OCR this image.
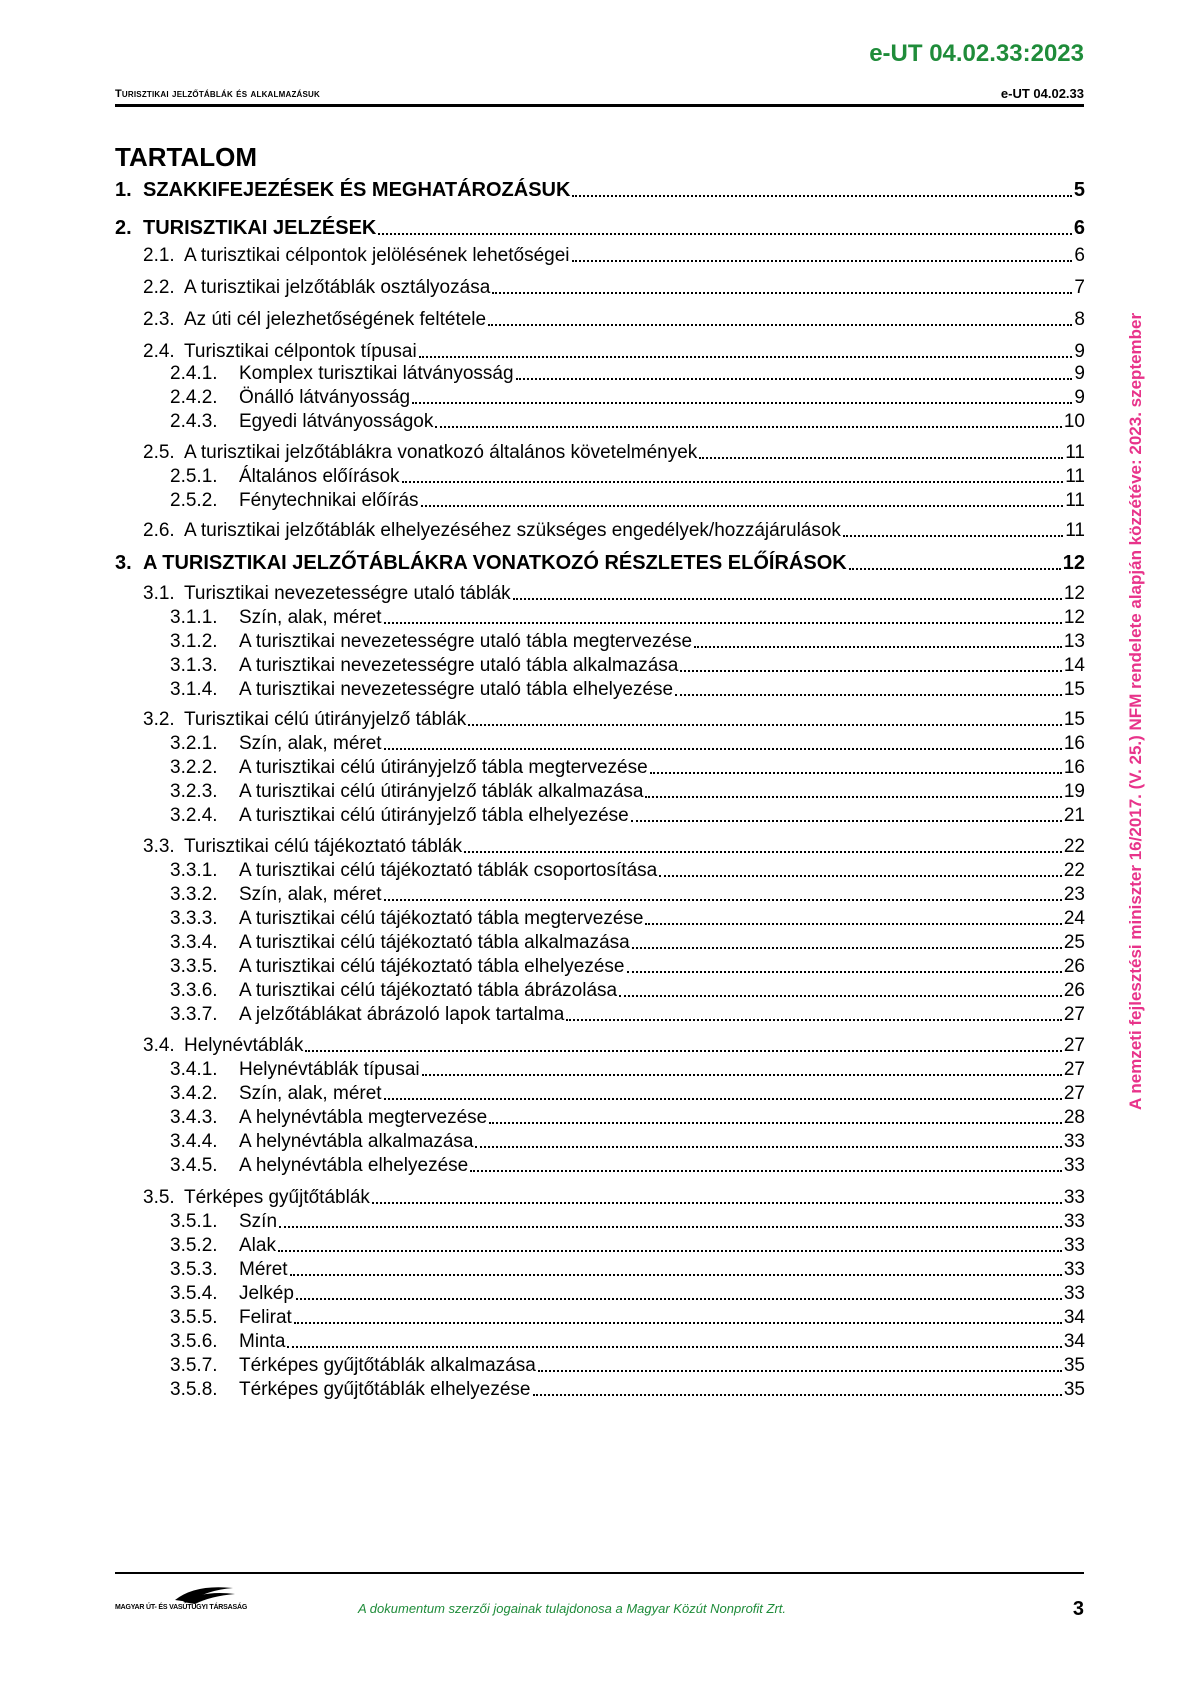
e-UT 04.02.33:2023
Turisztikai jelzőtáblák és alkalmazásuk	e-UT 04.02.33
TARTALOM
1. SZAKKIFEJEZÉSEK ÉS MEGHATÁROZÁSUK	5
2. TURISZTIKAI JELZÉSEK	6
2.1. A turisztikai célpontok jelölésének lehetőségei	6
2.2. A turisztikai jelzőtáblák osztályozása	7
2.3. Az úti cél jelezhetőségének feltétele	8
2.4. Turisztikai célpontok típusai	9
2.4.1. Komplex turisztikai látványosság	9
2.4.2. Önálló látványosság	9
2.4.3. Egyedi látványosságok	10
2.5. A turisztikai jelzőtáblákra vonatkozó általános követelmények	11
2.5.1. Általános előírások	11
2.5.2. Fénytechnikai előírás	11
2.6. A turisztikai jelzőtáblák elhelyezéséhez szükséges engedélyek/hozzájárulások	11
3. A TURISZTIKAI JELZŐTÁBLÁKRA VONATKOZÓ RÉSZLETES ELŐÍRÁSOK	12
3.1. Turisztikai nevezetességre utaló táblák	12
3.1.1. Szín, alak, méret	12
3.1.2. A turisztikai nevezetességre utaló tábla megtervezése	13
3.1.3. A turisztikai nevezetességre utaló tábla alkalmazása	14
3.1.4. A turisztikai nevezetességre utaló tábla elhelyezése	15
3.2. Turisztikai célú útirányjelző táblák	15
3.2.1. Szín, alak, méret	16
3.2.2. A turisztikai célú útirányjelző tábla megtervezése	16
3.2.3. A turisztikai célú útirányjelző táblák alkalmazása	19
3.2.4. A turisztikai célú útirányjelző tábla elhelyezése	21
3.3. Turisztikai célú tájékoztató táblák	22
3.3.1. A turisztikai célú tájékoztató táblák csoportosítása	22
3.3.2. Szín, alak, méret	23
3.3.3. A turisztikai célú tájékoztató tábla megtervezése	24
3.3.4. A turisztikai célú tájékoztató tábla alkalmazása	25
3.3.5. A turisztikai célú tájékoztató tábla elhelyezése	26
3.3.6. A turisztikai célú tájékoztató tábla ábrázolása	26
3.3.7. A jelzőtáblákat ábrázoló lapok tartalma	27
3.4. Helynévtáblák	27
3.4.1. Helynévtáblák típusai	27
3.4.2. Szín, alak, méret	27
3.4.3. A helynévtábla megtervezése	28
3.4.4. A helynévtábla alkalmazása	33
3.4.5. A helynévtábla elhelyezése	33
3.5. Térképes gyűjtőtáblák	33
3.5.1. Szín	33
3.5.2. Alak	33
3.5.3. Méret	33
3.5.4. Jelkép	33
3.5.5. Felirat	34
3.5.6. Minta	34
3.5.7. Térképes gyűjtőtáblák alkalmazása	35
3.5.8. Térképes gyűjtőtáblák elhelyezése	35
A nemzeti fejlesztési miniszter 16/2017. (V. 25.) NFM rendelete alapján közzétéve: 2023. szeptember
MAGYAR ÚT- ÉS VASÚTÜGYI TÁRSASÁG	A dokumentum szerzői jogainak tulajdonosa a Magyar Közút Nonprofit Zrt.	3
